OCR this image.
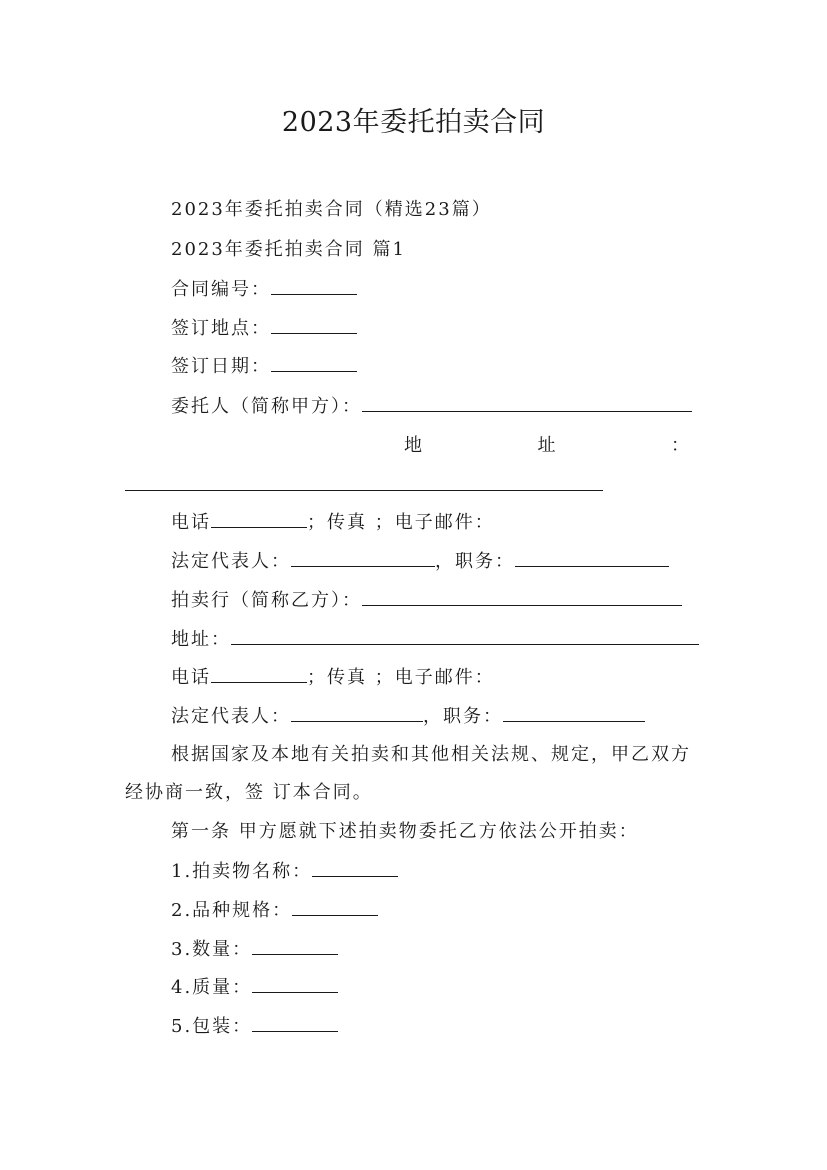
2023年委托拍卖合同
2023年委托拍卖合同（精选23篇）
2023年委托拍卖合同 篇1
合同编号：
签订地点：
签订日期：
委托人（简称甲方）：
地	址	：
电话	；传真 ；电子邮件：
法定代表人：	，职务：
拍卖行（简称乙方）：
地址：
电话	；传真 ；电子邮件：
法定代表人：	，职务：
根据国家及本地有关拍卖和其他相关法规、规定，甲乙双方经协商一致，签 订本合同。
第一条 甲方愿就下述拍卖物委托乙方依法公开拍卖：
1.拍卖物名称：
2.品种规格：
3.数量：
4.质量：
5.包装：
